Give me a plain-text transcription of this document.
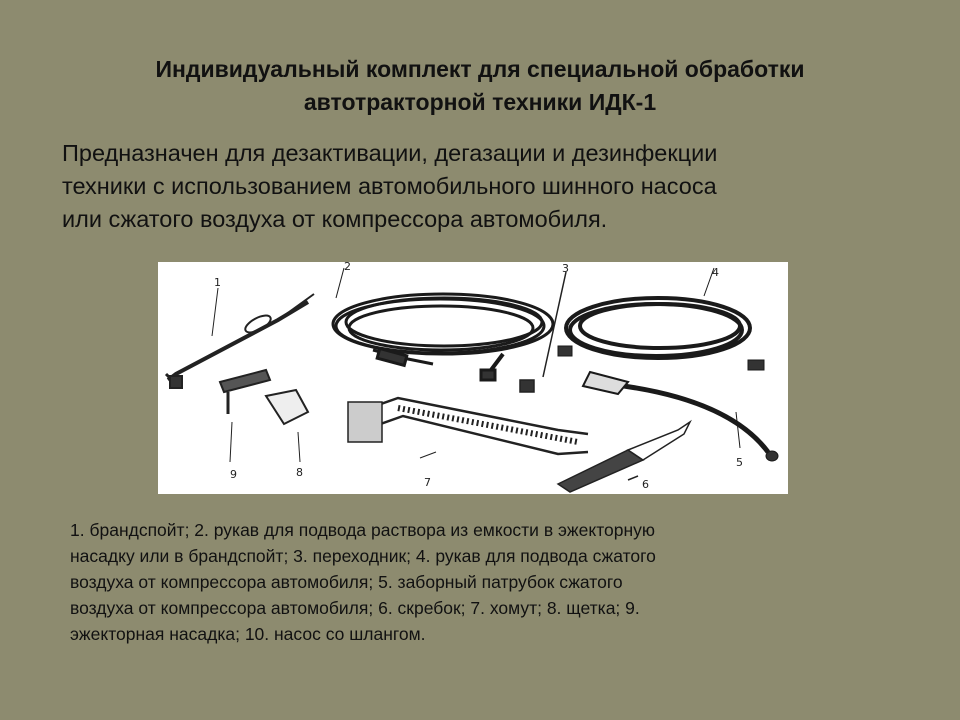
Индивидуальный комплект для специальной обработки
автотракторной техники ИДК-1

Предназначен для дезактивации, дегазации и дезинфекции
техники с использованием автомобильного шинного насоса
или сжатого воздуха от компрессора автомобиля.

1
2	3	4
5
6
7
8
9

1. брандспойт; 2. рукав для подвода раствора из емкости в эжекторную
насадку или в брандспойт; 3. переходник; 4. рукав для подвода сжатого
воздуха от компрессора автомобиля; 5. заборный патрубок сжатого
воздуха от компрессора автомобиля; 6. скребок; 7. хомут; 8. щетка; 9.
эжекторная насадка; 10. насос со шлангом.
